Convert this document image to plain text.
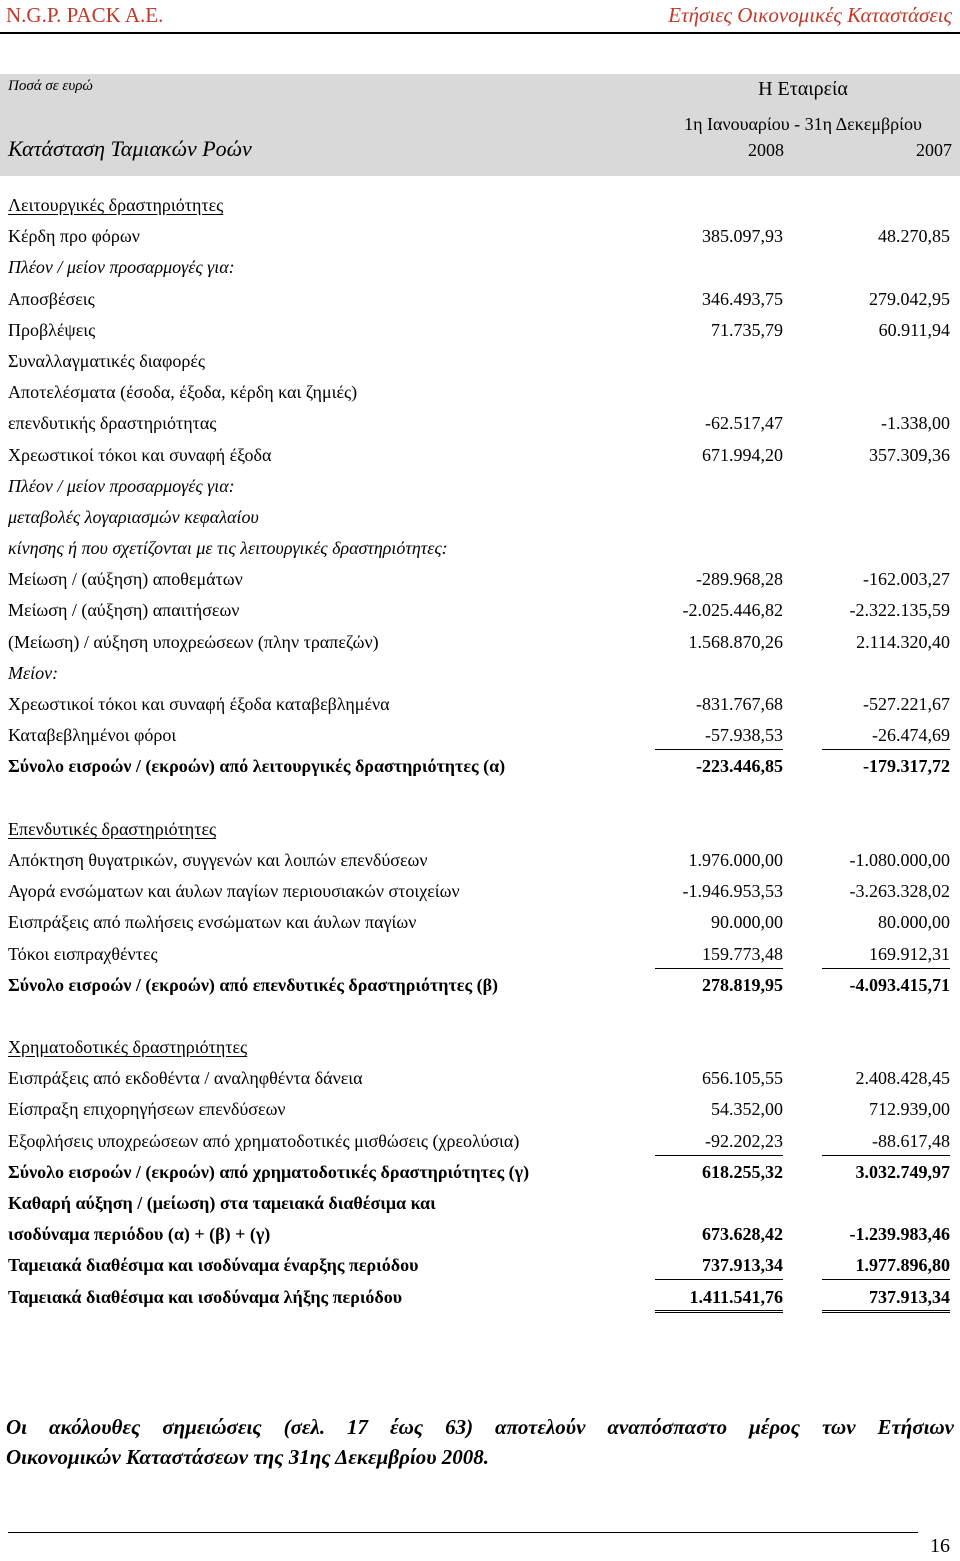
N.G.P. PACK A.E.	Ετήσιες Οικονομικές Καταστάσεις
Ποσά σε ευρώ	Η Εταιρεία
1η Ιανουαρίου - 31η Δεκεμβρίου
Κατάσταση Ταμιακών Ροών	2008	2007
Λειτουργικές δραστηριότητες
Κέρδη προ φόρων	385.097,93	48.270,85
Πλέον / μείον προσαρμογές για:
Αποσβέσεις	346.493,75	279.042,95
Προβλέψεις	71.735,79	60.911,94
Συναλλαγματικές διαφορές
Αποτελέσματα (έσοδα, έξοδα, κέρδη και ζημιές)
επενδυτικής δραστηριότητας	-62.517,47	-1.338,00
Χρεωστικοί τόκοι και συναφή έξοδα	671.994,20	357.309,36
Πλέον / μείον προσαρμογές για:
μεταβολές λογαριασμών κεφαλαίου
κίνησης ή που σχετίζονται με τις λειτουργικές δραστηριότητες:
Μείωση / (αύξηση) αποθεμάτων	-289.968,28	-162.003,27
Μείωση / (αύξηση) απαιτήσεων	-2.025.446,82	-2.322.135,59
(Μείωση) / αύξηση υποχρεώσεων (πλην τραπεζών)	1.568.870,26	2.114.320,40
Μείον:
Χρεωστικοί τόκοι και συναφή έξοδα καταβεβλημένα	-831.767,68	-527.221,67
Καταβεβλημένοι φόροι	-57.938,53	-26.474,69
Σύνολο εισροών / (εκροών) από λειτουργικές δραστηριότητες (α)	-223.446,85	-179.317,72
Επενδυτικές δραστηριότητες
Απόκτηση θυγατρικών, συγγενών και λοιπών επενδύσεων	1.976.000,00	-1.080.000,00
Αγορά ενσώματων και άυλων παγίων περιουσιακών στοιχείων	-1.946.953,53	-3.263.328,02
Εισπράξεις από πωλήσεις ενσώματων και άυλων παγίων	90.000,00	80.000,00
Τόκοι εισπραχθέντες	159.773,48	169.912,31
Σύνολο εισροών / (εκροών) από επενδυτικές δραστηριότητες (β)	278.819,95	-4.093.415,71
Χρηματοδοτικές δραστηριότητες
Εισπράξεις από εκδοθέντα / αναληφθέντα δάνεια	656.105,55	2.408.428,45
Είσπραξη επιχορηγήσεων επενδύσεων	54.352,00	712.939,00
Εξοφλήσεις υποχρεώσεων από χρηματοδοτικές μισθώσεις (χρεολύσια)	-92.202,23	-88.617,48
Σύνολο εισροών / (εκροών) από χρηματοδοτικές δραστηριότητες (γ)	618.255,32	3.032.749,97
Καθαρή αύξηση / (μείωση) στα ταμειακά διαθέσιμα και
ισοδύναμα περιόδου (α) + (β) + (γ)	673.628,42	-1.239.983,46
Ταμειακά διαθέσιμα και ισοδύναμα έναρξης περιόδου	737.913,34	1.977.896,80
Ταμειακά διαθέσιμα και ισοδύναμα λήξης περιόδου	1.411.541,76	737.913,34
Οι ακόλουθες σημειώσεις (σελ. 17 έως 63) αποτελούν αναπόσπαστο μέρος των Ετήσιων
Οικονομικών Καταστάσεων της 31ης Δεκεμβρίου 2008.
16
